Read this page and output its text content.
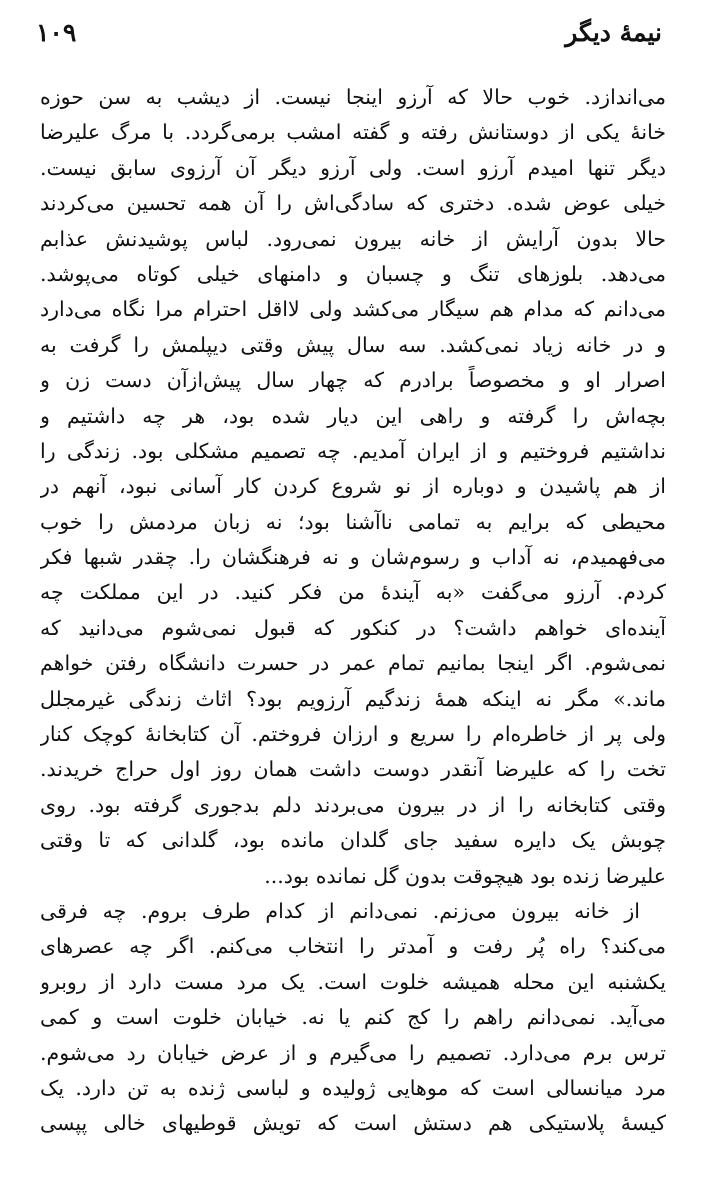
۱۰۹	نیمهٔ دیگر
می‌اندازد. خوب حالا که آرزو اینجا نیست. از دیشب به سن حوزه
خانهٔ یکی از دوستانش رفته و گفته امشب برمی‌گردد. با مرگ علیرضا
دیگر تنها امیدم آرزو است. ولی آرزو دیگر آن آرزوی سابق نیست.
خیلی عوض شده. دختری که سادگی‌اش را آن همه تحسین می‌کردند
حالا بدون آرایش از خانه بیرون نمی‌رود. لباس پوشیدنش عذابم
می‌دهد. بلوزهای تنگ و چسبان و دامنهای خیلی کوتاه می‌پوشد.
می‌دانم که مدام هم سیگار می‌کشد ولی لااقل احترام مرا نگاه می‌دارد
و در خانه زیاد نمی‌کشد. سه سال پیش وقتی دیپلمش را گرفت به
اصرار او و مخصوصاً برادرم که چهار سال پیش‌ازآن دست زن و
بچه‌اش را گرفته و راهی این دیار شده بود، هر چه داشتیم و
نداشتیم فروختیم و از ایران آمدیم. چه تصمیم مشکلی بود. زندگی را
از هم پاشیدن و دوباره از نو شروع کردن کار آسانی نبود، آنهم در
محیطی که برایم به تمامی ناآشنا بود؛ نه زبان مردمش را خوب
می‌فهمیدم، نه آداب و رسوم‌شان و نه فرهنگشان را. چقدر شبها فکر
کردم. آرزو می‌گفت «به آیندهٔ من فکر کنید. در این مملکت چه
آینده‌ای خواهم داشت؟ در کنکور که قبول نمی‌شوم می‌دانید که
نمی‌شوم. اگر اینجا بمانیم تمام عمر در حسرت دانشگاه رفتن خواهم
ماند.» مگر نه اینکه همهٔ زندگیم آرزویم بود؟ اثاث زندگی غیرمجلل
ولی پر از خاطره‌ام را سریع و ارزان فروختم. آن کتابخانهٔ کوچک کنار
تخت را که علیرضا آنقدر دوست داشت همان روز اول حراج خریدند.
وقتی کتابخانه را از در بیرون می‌بردند دلم بدجوری گرفته بود. روی
چوبش یک دایره سفید جای گلدان مانده بود، گلدانی که تا وقتی
علیرضا زنده بود هیچوقت بدون گل نمانده بود...
از خانه بیرون می‌زنم. نمی‌دانم از کدام طرف بروم. چه فرقی
می‌کند؟ راه پُر رفت و آمدتر را انتخاب می‌کنم. اگر چه عصرهای
یکشنبه این محله همیشه خلوت است. یک مرد مست دارد از روبرو
می‌آید. نمی‌دانم راهم را کج کنم یا نه. خیابان خلوت است و کمی
ترس برم می‌دارد. تصمیم را می‌گیرم و از عرض خیابان رد می‌شوم.
مرد میانسالی است که موهایی ژولیده و لباسی ژنده به تن دارد. یک
کیسهٔ پلاستیکی هم دستش است که تویش قوطیهای خالی پپسی
